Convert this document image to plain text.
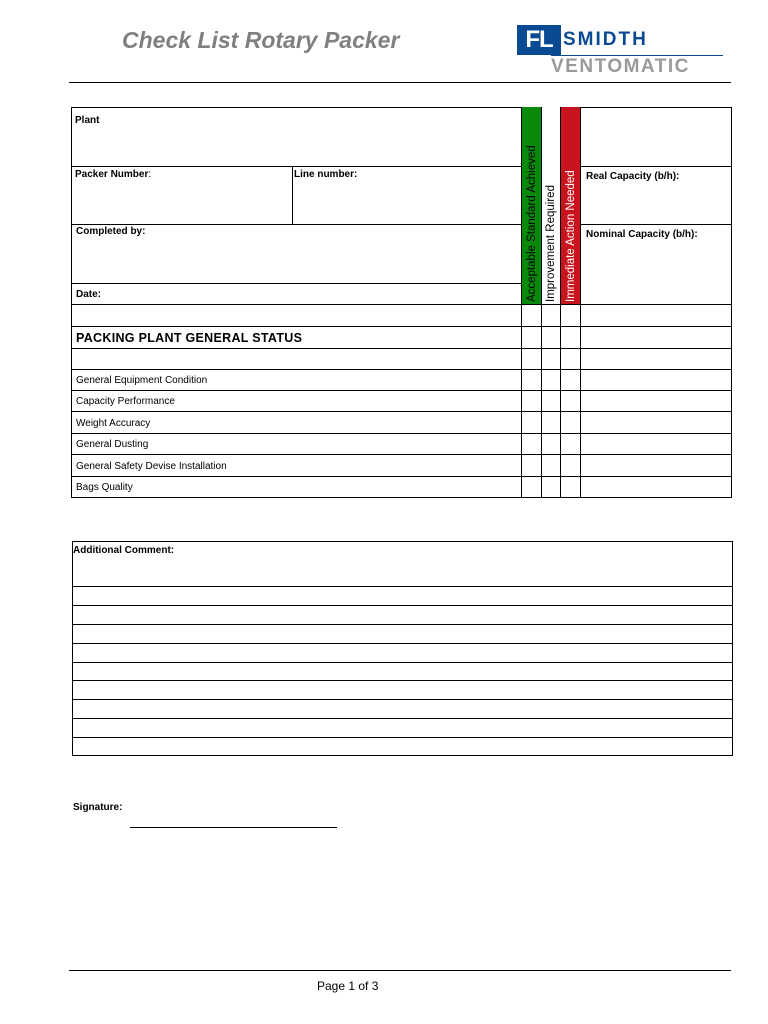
Check List Rotary Packer	FL SMIDTH
VENTOMATIC
Acceptable Standard Achieved Improvement Required Immediate Action Needed
Plant
Packer Number:	Line number:
Completed by:
Date:
Real Capacity (b/h):
Nominal Capacity (b/h):
PACKING PLANT GENERAL STATUS
General Equipment Condition
Capacity Performance
Weight Accuracy
General Dusting
General Safety Devise Installation
Bags Quality
Additional Comment:
Signature:
Page 1 of 3
